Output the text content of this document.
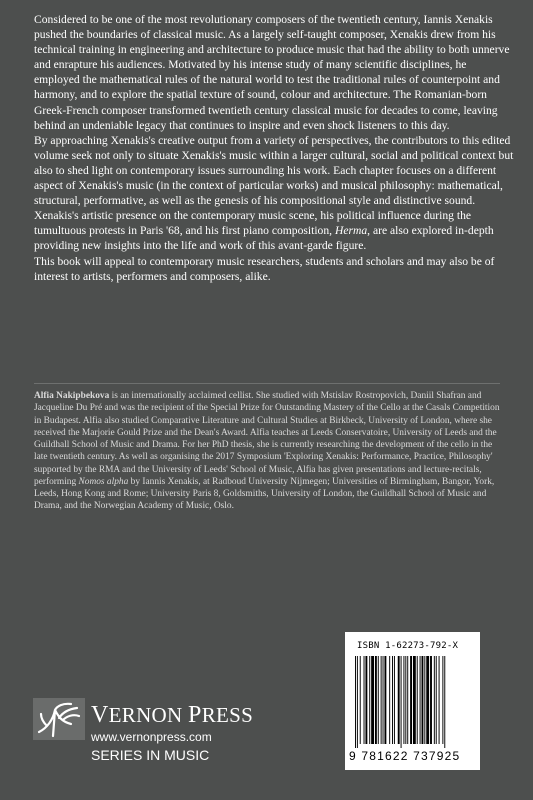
Considered to be one of the most revolutionary composers of the twentieth century, Iannis Xenakis pushed the boundaries of classical music. As a largely self-taught composer, Xenakis drew from his technical training in engineering and architecture to produce music that had the ability to both unnerve and enrapture his audiences. Motivated by his intense study of many scientific disciplines, he employed the mathematical rules of the natural world to test the traditional rules of counterpoint and harmony, and to explore the spatial texture of sound, colour and architecture. The Romanian-born Greek-French composer transformed twentieth century classical music for decades to come, leaving behind an undeniable legacy that continues to inspire and even shock listeners to this day.

By approaching Xenakis's creative output from a variety of perspectives, the contributors to this edited volume seek not only to situate Xenakis's music within a larger cultural, social and political context but also to shed light on contemporary issues surrounding his work. Each chapter focuses on a different aspect of Xenakis's music (in the context of particular works) and musical philosophy: mathematical, structural, performative, as well as the genesis of his compositional style and distinctive sound. Xenakis's artistic presence on the contemporary music scene, his political influence during the tumultuous protests in Paris '68, and his first piano composition, Herma, are also explored in-depth providing new insights into the life and work of this avant-garde figure.

This book will appeal to contemporary music researchers, students and scholars and may also be of interest to artists, performers and composers, alike.

Alfia Nakipbekova is an internationally acclaimed cellist. She studied with Mstislav Rostropovich, Daniil Shafran and Jacqueline Du Pré and was the recipient of the Special Prize for Outstanding Mastery of the Cello at the Casals Competition in Budapest. Alfia also studied Comparative Literature and Cultural Studies at Birkbeck, University of London, where she received the Marjorie Gould Prize and the Dean's Award. Alfia teaches at Leeds Conservatoire, University of Leeds and the Guildhall School of Music and Drama. For her PhD thesis, she is currently researching the development of the cello in the late twentieth century. As well as organising the 2017 Symposium 'Exploring Xenakis: Performance, Practice, Philosophy' supported by the RMA and the University of Leeds' School of Music, Alfia has given presentations and lecture-recitals, performing Nomos alpha by Iannis Xenakis, at Radboud University Nijmegen; Universities of Birmingham, Bangor, York, Leeds, Hong Kong and Rome; University Paris 8, Goldsmiths, University of London, the Guildhall School of Music and Drama, and the Norwegian Academy of Music, Oslo.

ISBN 1-62273-792-X
9 781622 737925
VERNON PRESS
www.vernonpress.com
SERIES IN MUSIC
